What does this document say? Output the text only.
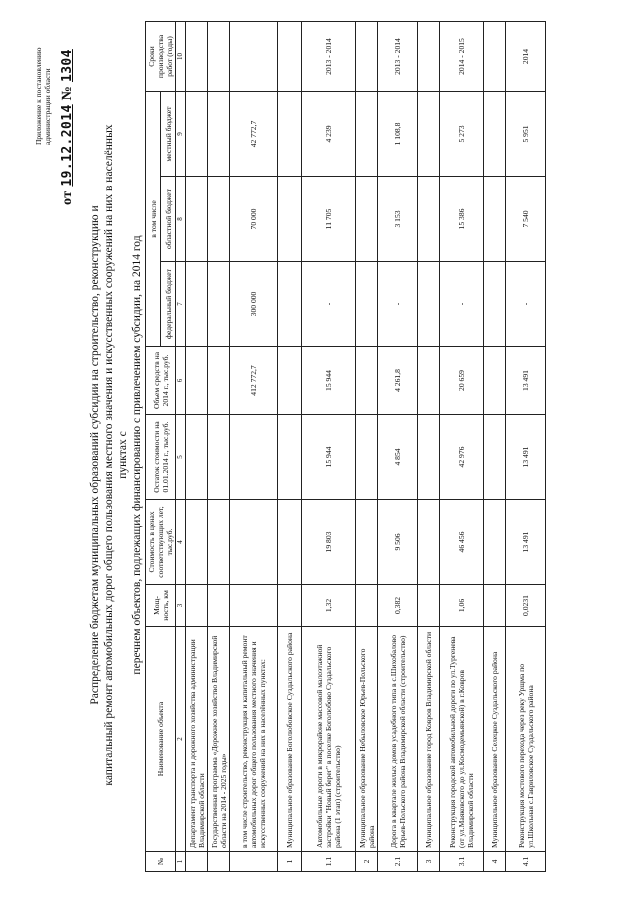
Приложение к постановлению администрации области
от 19.12.2014 № 1304
Распределение бюджетам муниципальных образований субсидии на строительство, реконструкцию и капитальный ремонт автомобильных дорог общего пользования местного значения и искусственных сооружений на них в населённых пунктах с перечнем объектов, подлежащих финансированию с привлечением субсидии, на 2014 год
№	Наименование объекта	Мощ-ность, км	Стоимость в ценах соответствующих лет, тыс.руб.	Остаток стоимости на 01.01.2014 г., тыс.руб.	Объем средств на 2014 г., тыс.руб.	в том числе			Сроки производства работ (годы)
						федеральный бюджет	областной бюджет	местный бюджет	
1	2	3	4	5	6	7	8	9	10
	Департамент транспорта и дорожного хозяйства администрации Владимирской области								
	Государственная программа «Дорожное хозяйство Владимирской области на 2014 - 2025 годы»								
	в том числе строительство, реконструкция и капитальный ремонт автомобильных дорог общего пользования местного значения и искусственных сооружений на них в населённых пунктах:				412 772,7	300 000	70 000	42 772,7	
1	Муниципальное образование Боголюбовское Суздальского района								
1.1	Автомобильные дороги в микрорайоне массовой малоэтажной застройки "Новый берег" в поселке Боголюбово Суздальского района (1 этап) (строительство)	1,32	19 803	15 944	15 944	-	11 705	4 239	2013 - 2014
2	Муниципальное образование Небыловское Юрьев-Польского района								
2.1	Дорога в квартале жилых домов усадебного типа в с.Шихобалово Юрьев-Польского района Владимирской области (строительство)	0,382	9 506	4 854	4 261,8	-	3 153	1 108,8	2013 - 2014
3	Муниципальное образование город Ковров Владимирской области								
3.1	Реконструкция городской автомобильной дороги по ул.Тургенева (от ул.Маяковского до ул.Космодемьянской) в г.Ковров Владимирской области	1,06	46 456	42 976	20 659	-	15 386	5 273	2014 - 2015
4	Муниципальное образование Селецкое Суздальского района								
4.1	Реконструкция мостового перехода через реку Урщма по ул.Школьная с.Гавриловское Суздальского района	0,0231	13 491	13 491	13 491	-	7 540	5 951	2014
